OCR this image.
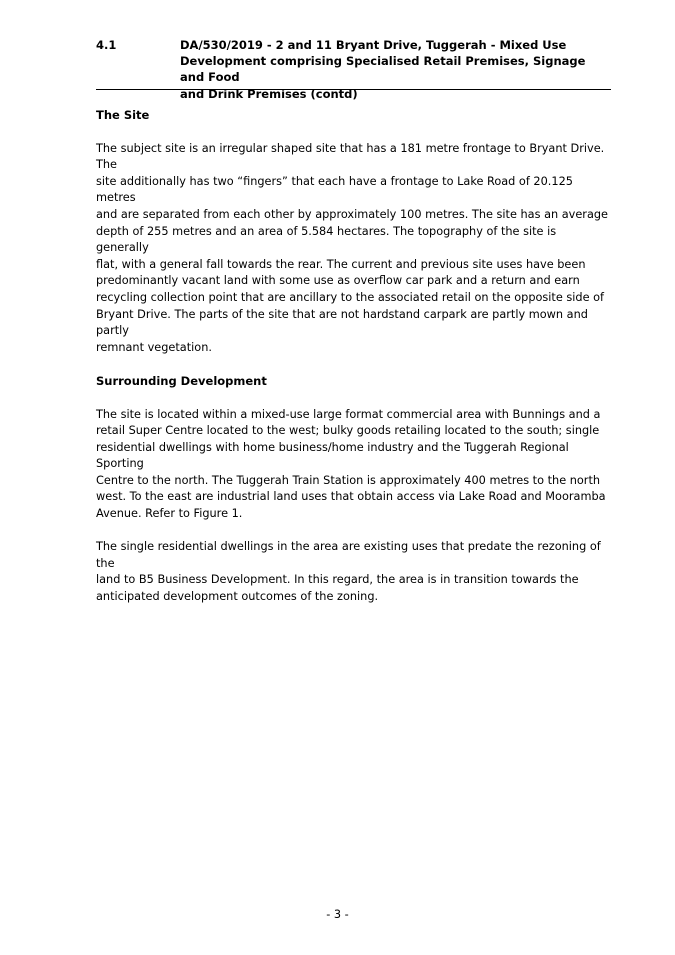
4.1	DA/530/2019 - 2 and 11 Bryant Drive, Tuggerah - Mixed Use
Development comprising Specialised Retail Premises, Signage and Food
and Drink Premises (contd)
The Site
The subject site is an irregular shaped site that has a 181 metre frontage to Bryant Drive. The
site additionally has two “fingers” that each have a frontage to Lake Road of 20.125 metres
and are separated from each other by approximately 100 metres. The site has an average
depth of 255 metres and an area of 5.584 hectares. The topography of the site is generally
flat, with a general fall towards the rear. The current and previous site uses have been
predominantly vacant land with some use as overflow car park and a return and earn
recycling collection point that are ancillary to the associated retail on the opposite side of
Bryant Drive. The parts of the site that are not hardstand carpark are partly mown and partly
remnant vegetation.
Surrounding Development
The site is located within a mixed-use large format commercial area with Bunnings and a
retail Super Centre located to the west; bulky goods retailing located to the south; single
residential dwellings with home business/home industry and the Tuggerah Regional Sporting
Centre to the north. The Tuggerah Train Station is approximately 400 metres to the north
west. To the east are industrial land uses that obtain access via Lake Road and Mooramba
Avenue. Refer to Figure 1.
The single residential dwellings in the area are existing uses that predate the rezoning of the
land to B5 Business Development. In this regard, the area is in transition towards the
anticipated development outcomes of the zoning.
- 3 -
